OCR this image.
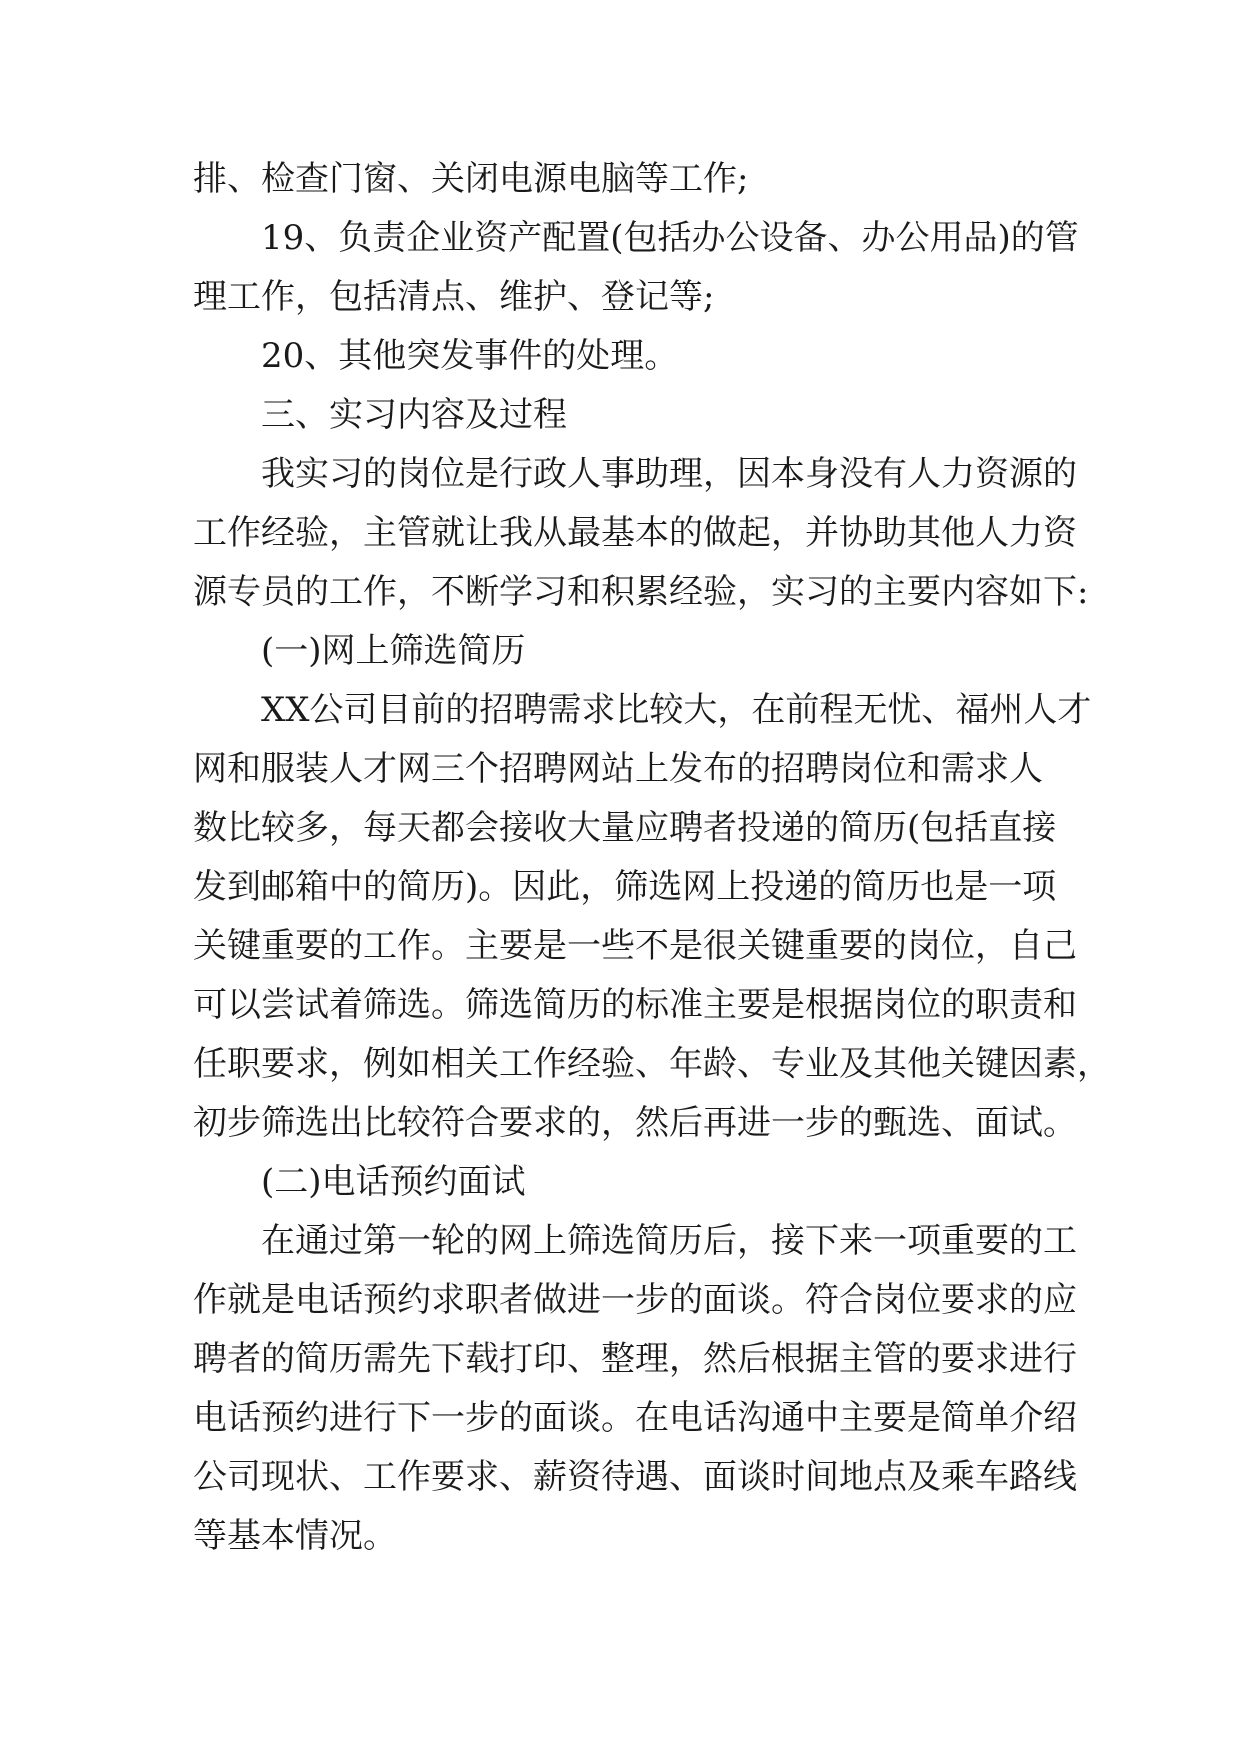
排、检查门窗、关闭电源电脑等工作;
19、负责企业资产配置(包括办公设备、办公用品)的管
理工作，包括清点、维护、登记等;
20、其他突发事件的处理。
三、实习内容及过程
我实习的岗位是行政人事助理，因本身没有人力资源的
工作经验，主管就让我从最基本的做起，并协助其他人力资
源专员的工作，不断学习和积累经验，实习的主要内容如下:
(一)网上筛选简历
XX公司目前的招聘需求比较大，在前程无忧、福州人才
网和服装人才网三个招聘网站上发布的招聘岗位和需求人
数比较多，每天都会接收大量应聘者投递的简历(包括直接
发到邮箱中的简历)。因此，筛选网上投递的简历也是一项
关键重要的工作。主要是一些不是很关键重要的岗位，自己
可以尝试着筛选。筛选简历的标准主要是根据岗位的职责和
任职要求，例如相关工作经验、年龄、专业及其他关键因素，
初步筛选出比较符合要求的，然后再进一步的甄选、面试。
(二)电话预约面试
在通过第一轮的网上筛选简历后，接下来一项重要的工
作就是电话预约求职者做进一步的面谈。符合岗位要求的应
聘者的简历需先下载打印、整理，然后根据主管的要求进行
电话预约进行下一步的面谈。在电话沟通中主要是简单介绍
公司现状、工作要求、薪资待遇、面谈时间地点及乘车路线
等基本情况。
